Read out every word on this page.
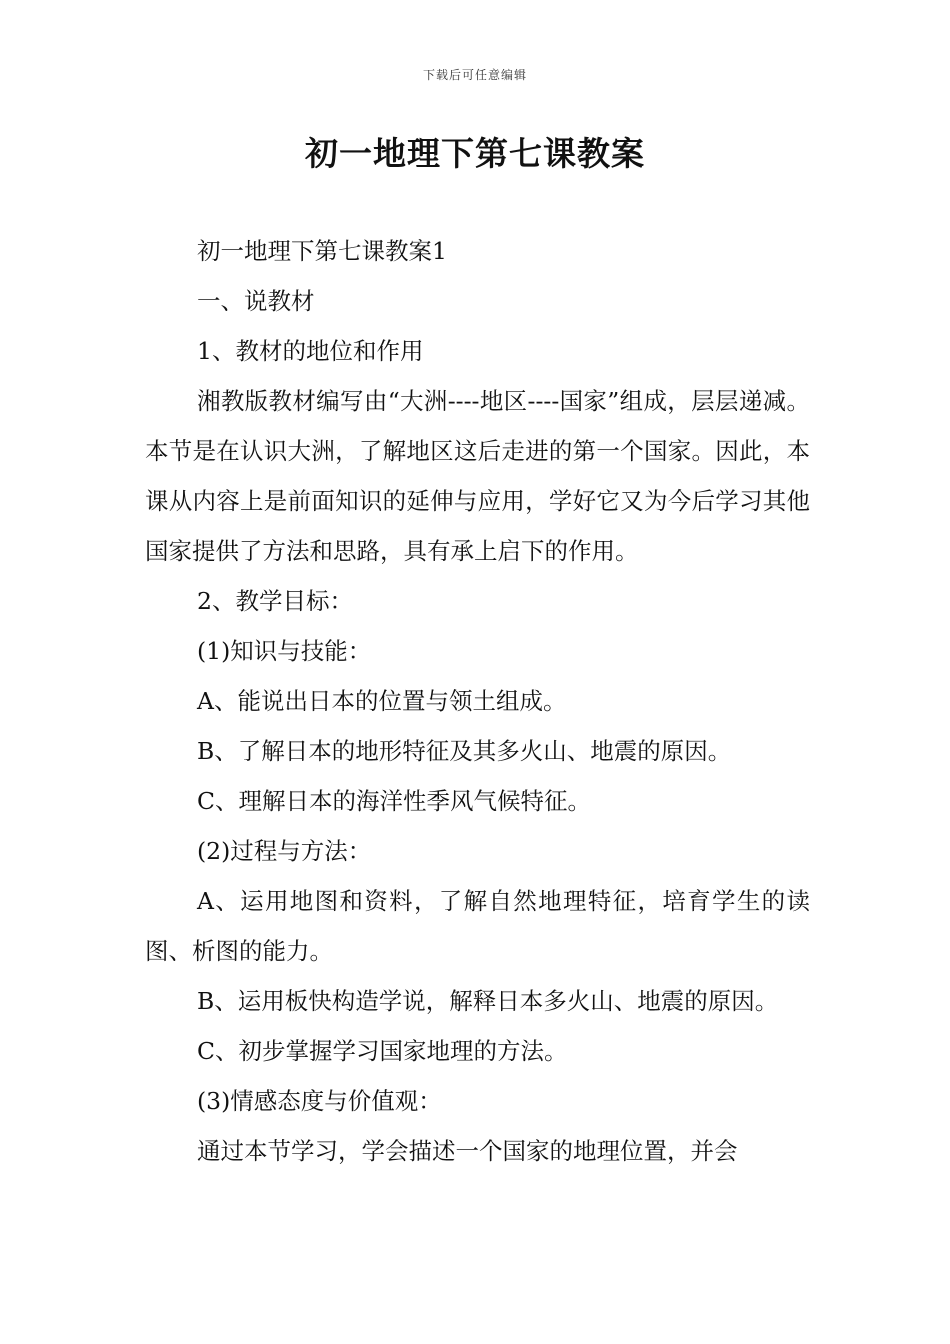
下载后可任意编辑
初一地理下第七课教案

初一地理下第七课教案1

一、说教材

1、教材的地位和作用

湘教版教材编写由“大洲----地区----国家”组成，层层递减。本节是在认识大洲，了解地区这后走进的第一个国家。因此，本课从内容上是前面知识的延伸与应用，学好它又为今后学习其他国家提供了方法和思路，具有承上启下的作用。

2、教学目标：

(1)知识与技能：

A、能说出日本的位置与领土组成。

B、了解日本的地形特征及其多火山、地震的原因。

C、理解日本的海洋性季风气候特征。

(2)过程与方法：

A、运用地图和资料，了解自然地理特征，培育学生的读图、析图的能力。

B、运用板快构造学说，解释日本多火山、地震的原因。

C、初步掌握学习国家地理的方法。

(3)情感态度与价值观：

通过本节学习，学会描述一个国家的地理位置，并会
